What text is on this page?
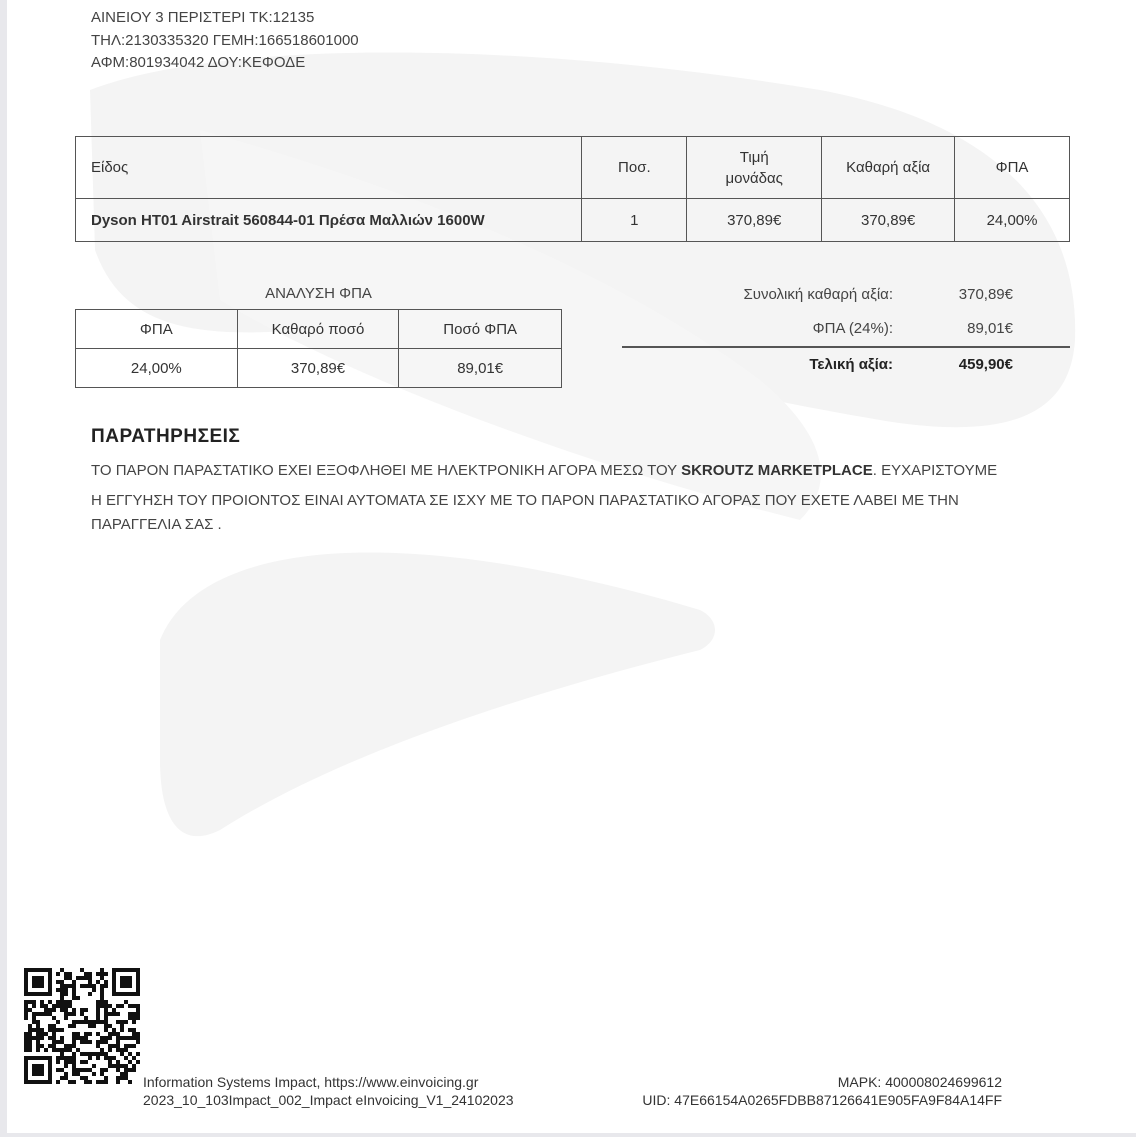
ΑΙΝΕΙΟΥ 3 ΠΕΡΙΣΤΕΡΙ ΤΚ:12135
ΤΗΛ:2130335320 ΓΕΜΗ:166518601000
ΑΦΜ:801934042 ΔΟΥ:ΚΕΦΟΔΕ
Είδος	Ποσ.	Τιμή μονάδας	Καθαρή αξία	ΦΠΑ
Dyson HT01 Airstrait 560844-01 Πρέσα Μαλλιών 1600W	1	370,89€	370,89€	24,00%
ΑΝΑΛΥΣΗ ΦΠΑ
ΦΠΑ	Καθαρό ποσό	Ποσό ΦΠΑ
24,00%	370,89€	89,01€
Συνολική καθαρή αξία:	370,89€
ΦΠΑ (24%):	89,01€
Τελική αξία:	459,90€
ΠΑΡΑΤΗΡΗΣΕΙΣ
ΤΟ ΠΑΡΟΝ ΠΑΡΑΣΤΑΤΙΚΟ ΕΧΕΙ ΕΞΟΦΛΗΘΕΙ ΜΕ ΗΛΕΚΤΡΟΝΙΚΗ ΑΓΟΡΑ ΜΕΣΩ ΤΟΥ SKROUTZ MARKETPLACE. ΕΥΧΑΡΙΣΤΟΥΜΕ
Η ΕΓΓΥΗΣΗ ΤΟΥ ΠΡΟΙΟΝΤΟΣ ΕΙΝΑΙ ΑΥΤΟΜΑΤΑ ΣΕ ΙΣΧΥ ΜΕ ΤΟ ΠΑΡΟΝ ΠΑΡΑΣΤΑΤΙΚΟ ΑΓΟΡΑΣ ΠΟΥ ΕΧΕΤΕ ΛΑΒΕΙ ΜΕ ΤΗΝ
ΠΑΡΑΓΓΕΛΙΑ ΣΑΣ .
Information Systems Impact, https://www.einvoicing.gr
2023_10_103Impact_002_Impact eInvoicing_V1_24102023
ΜΑΡΚ: 400008024699612
UID: 47E66154A0265FDBB87126641E905FA9F84A14FF
